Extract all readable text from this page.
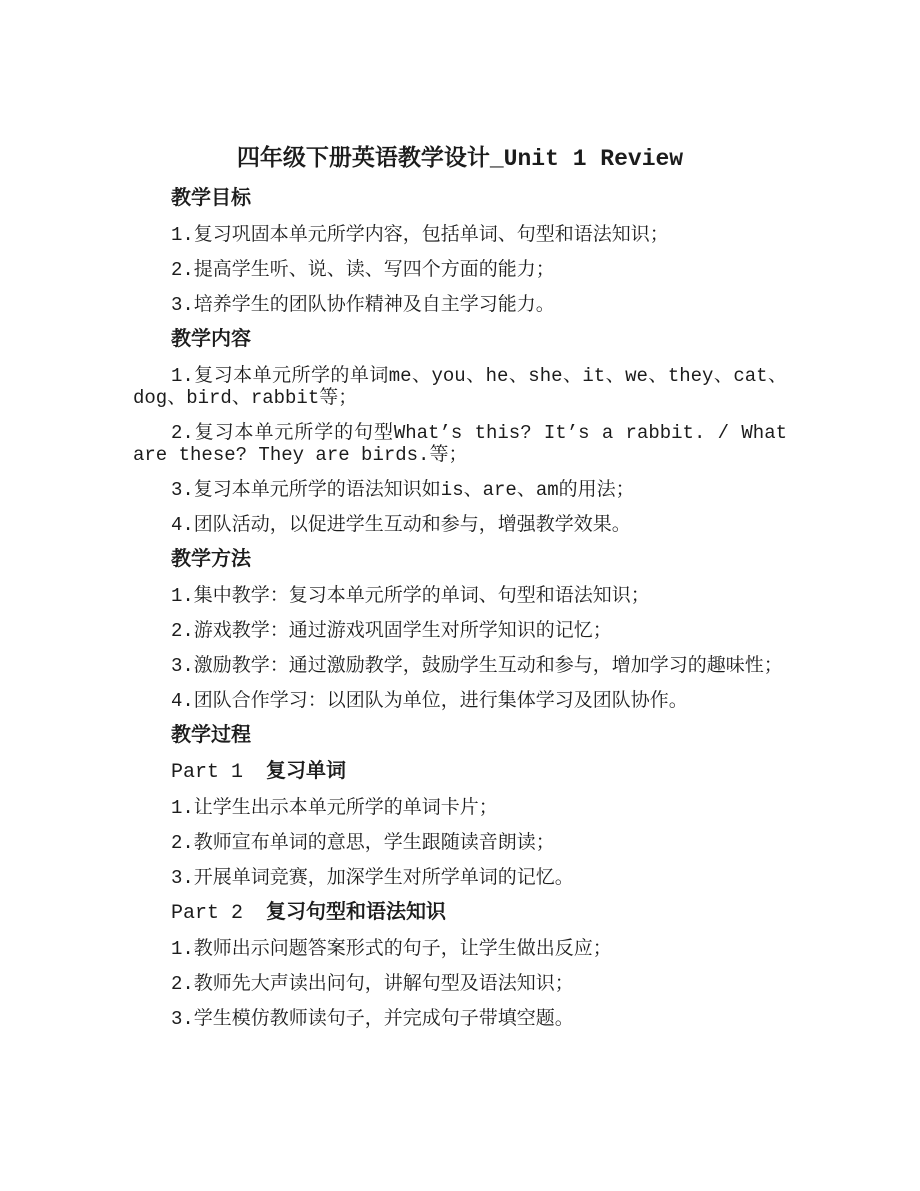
四年级下册英语教学设计_Unit 1 Review
教学目标

1.复习巩固本单元所学内容，包括单词、句型和语法知识；

2.提高学生听、说、读、写四个方面的能力；

3.培养学生的团队协作精神及自主学习能力。

教学内容

1.复习本单元所学的单词me、you、he、she、it、we、they、cat、dog、bird、rabbit等；

2.复习本单元所学的句型What’s this? It’s a rabbit. / What are these? They are birds.等；

3.复习本单元所学的语法知识如is、are、am的用法；

4.团队活动，以促进学生互动和参与，增强教学效果。

教学方法

1.集中教学：复习本单元所学的单词、句型和语法知识；

2.游戏教学：通过游戏巩固学生对所学知识的记忆；

3.激励教学：通过激励教学，鼓励学生互动和参与，增加学习的趣味性；

4.团队合作学习：以团队为单位，进行集体学习及团队协作。

教学过程
Part 1 复习单词

1.让学生出示本单元所学的单词卡片；

2.教师宣布单词的意思，学生跟随读音朗读；

3.开展单词竞赛，加深学生对所学单词的记忆。

Part 2 复习句型和语法知识

1.教师出示问题答案形式的句子，让学生做出反应；

2.教师先大声读出问句，讲解句型及语法知识；

3.学生模仿教师读句子，并完成句子带填空题。
